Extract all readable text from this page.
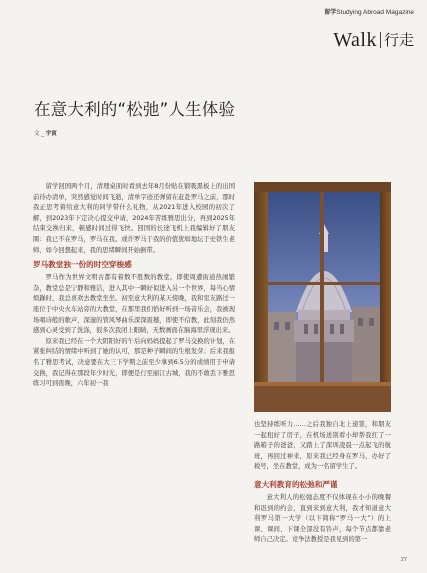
留学Studying Abroad Magazine
Walk 行走
在意大利的“松弛”人生体验
文 _ 宇寅

留学回国两个月，清理桌面时看到去年8月份贴在锻吸黑板上的出国前待办清单，突然感觉时间飞逝，清单字迹还弹留在赶赴罗马之前，那时我正思考着给意大利的同学带什么礼物，从2021年进入校园的初次了解，到2023年下定决心提交申请，2024年苦练雅思出分，再到2025年结束交换归来，顿感时间过得飞快。回国的长途飞机上我编辑好了朋友圈：我已不在罗马，罗马在我。或许罗马于我的价值犹如地坛于史铁生老师，如今回想起来，我的思绪瞬间开始倒带。

罗马教堂独一份的时空穿梭感

罗马作为世界文明古都有着数不胜数的教堂。即使周遭街道热闹繁杂，教堂总是宁静和雅洁，进入其中一瞬好似进入另一个世界，每当心情烦躁时，我总喜欢去教堂坐坐。初至意大利的某天傍晚，我和室友路过一座位于中央火车站旁的大教堂，在那里我们恰好听到一场音乐会，我被现场唱诗般的歌声、深邃的管风琴曲乐深深震撼，即使不信教，此刻我仍然感到心灵受到了洗涤，很多次我闭上眼睛，无数画面在脑海里浮现出来。

原来我已经在一个大阴阳好的午后向妈妈提起了罗马交换的计划，在紧张纠结的情绪中听到了她的认可，那是种子瞬间的生根发芽；后来我报名了雅思考试，决意要在大三下学期之前至少拿到6.5分的成绩用于申请交换，我记得在那段年少时光，即便是行至丽江古城，我的不敢丢下雅思练习可到夜晚，六年初一我

也坚持练听力……之后我独自北上递签，和朋友一起租好了房子，在机场送别看小却帮我扛了一路箱子的爸爸，又踏上了深圳凌晨一点起飞的航班，再回过神来，原来我已经身在罗马，办好了税号，坐在教堂，成为一名留学生了。

意大利教育的松弛和严谨

意大利人的松弛态度不仅体现在小小的晚餐和迟到的约会，直到来到意大利，我才知道意大利罗马第一大学（以下简称“罗马一大”）的上课、课间、下课全部没有铃声，每个节点都靠老师自己决定。竞争法教授是我见到的第一

27
